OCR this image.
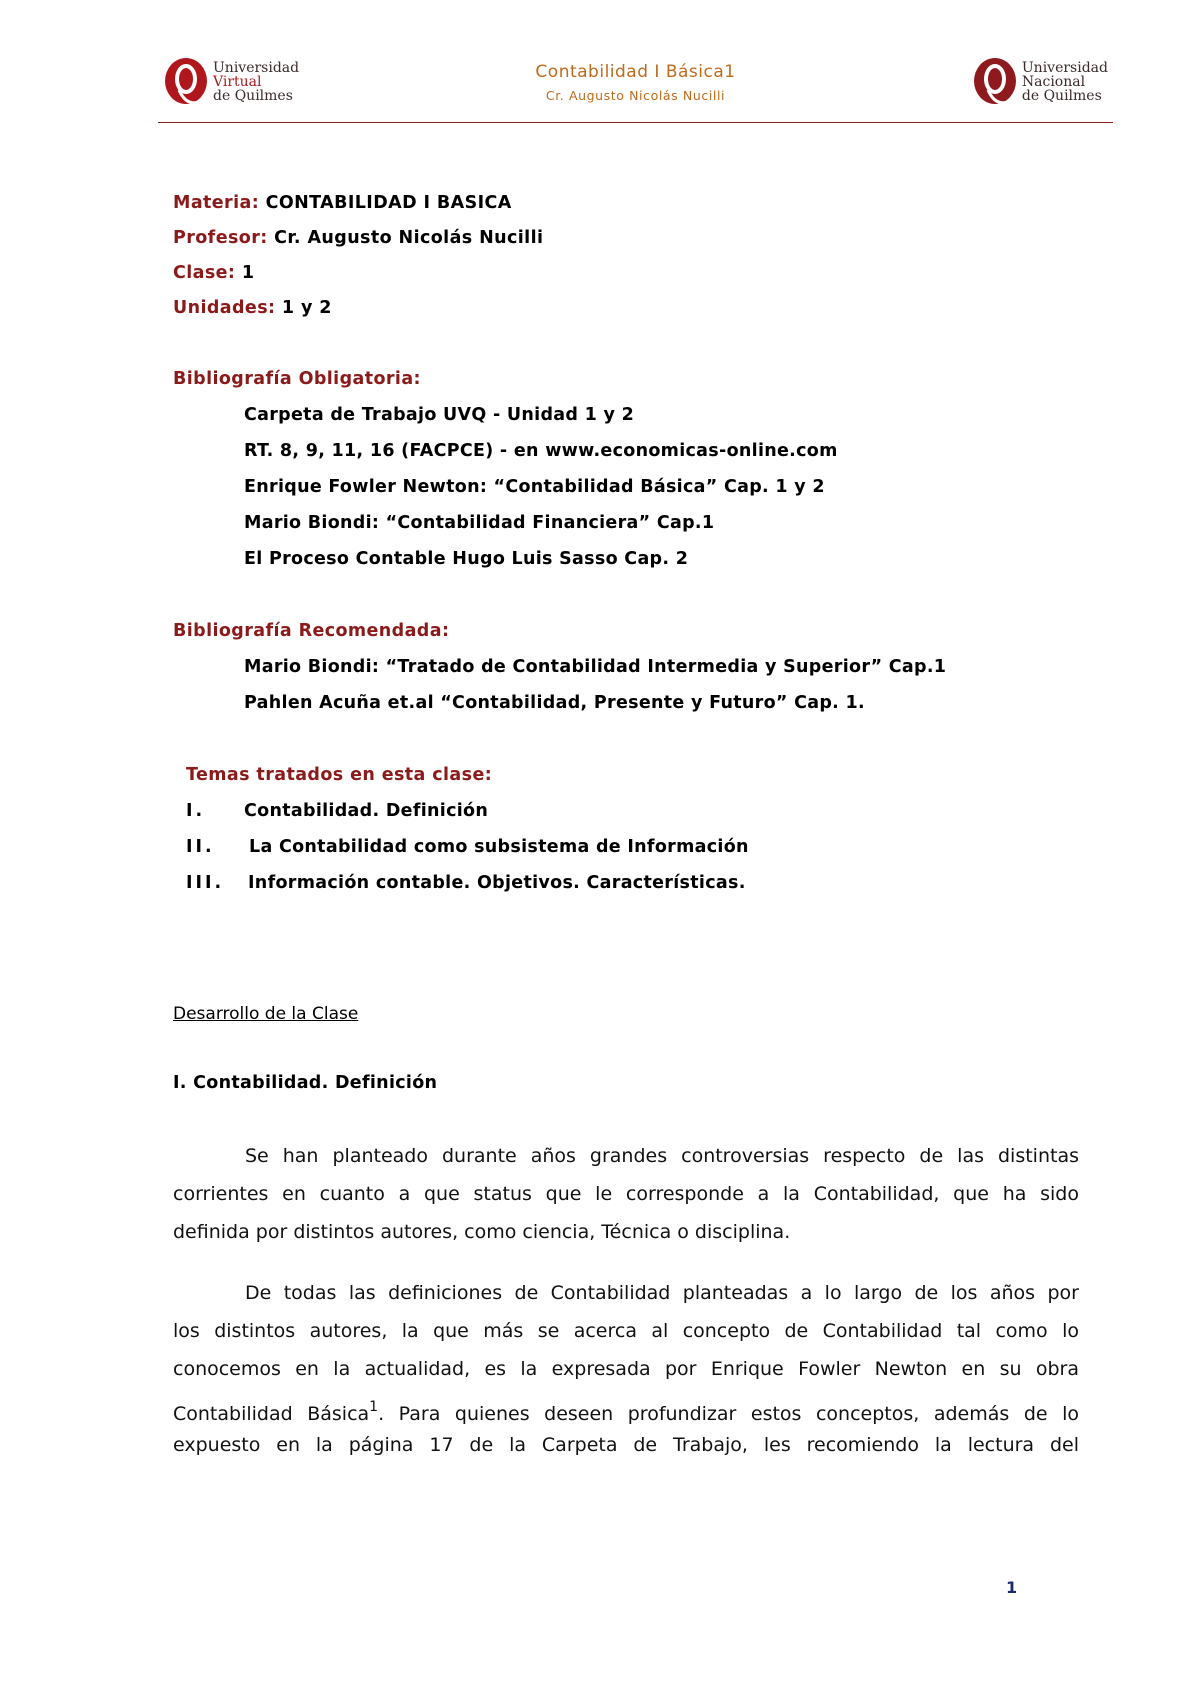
Universidad
Virtual
de Quilmes
Contabilidad I Básica1
Cr. Augusto Nicolás Nucilli
Universidad
Nacional
de Quilmes
Materia: CONTABILIDAD I BASICA
Profesor: Cr. Augusto Nicolás Nucilli
Clase: 1
Unidades: 1 y 2
Bibliografía Obligatoria:
Carpeta de Trabajo UVQ - Unidad 1 y 2
RT. 8, 9, 11, 16 (FACPCE) - en www.economicas-online.com
Enrique Fowler Newton: “Contabilidad Básica” Cap. 1 y 2
Mario Biondi: “Contabilidad Financiera” Cap.1
El Proceso Contable Hugo Luis Sasso Cap. 2
Bibliografía Recomendada:
Mario Biondi: “Tratado de Contabilidad Intermedia y Superior” Cap.1
Pahlen Acuña et.al “Contabilidad, Presente y Futuro” Cap. 1.
Temas tratados en esta clase:
I. Contabilidad. Definición
II. La Contabilidad como subsistema de Información
III. Información contable. Objetivos. Características.
Desarrollo de la Clase
I. Contabilidad. Definición
Se han planteado durante años grandes controversias respecto de las distintas
corrientes en cuanto a que status que le corresponde a la Contabilidad, que ha sido
definida por distintos autores, como ciencia, Técnica o disciplina.
De todas las definiciones de Contabilidad planteadas a lo largo de los años por
los distintos autores, la que más se acerca al concepto de Contabilidad tal como lo
conocemos en la actualidad, es la expresada por Enrique Fowler Newton en su obra
Contabilidad Básica$^1$. Para quienes deseen profundizar estos conceptos, además de lo
expuesto en la página 17 de la Carpeta de Trabajo, les recomiendo la lectura del
1
